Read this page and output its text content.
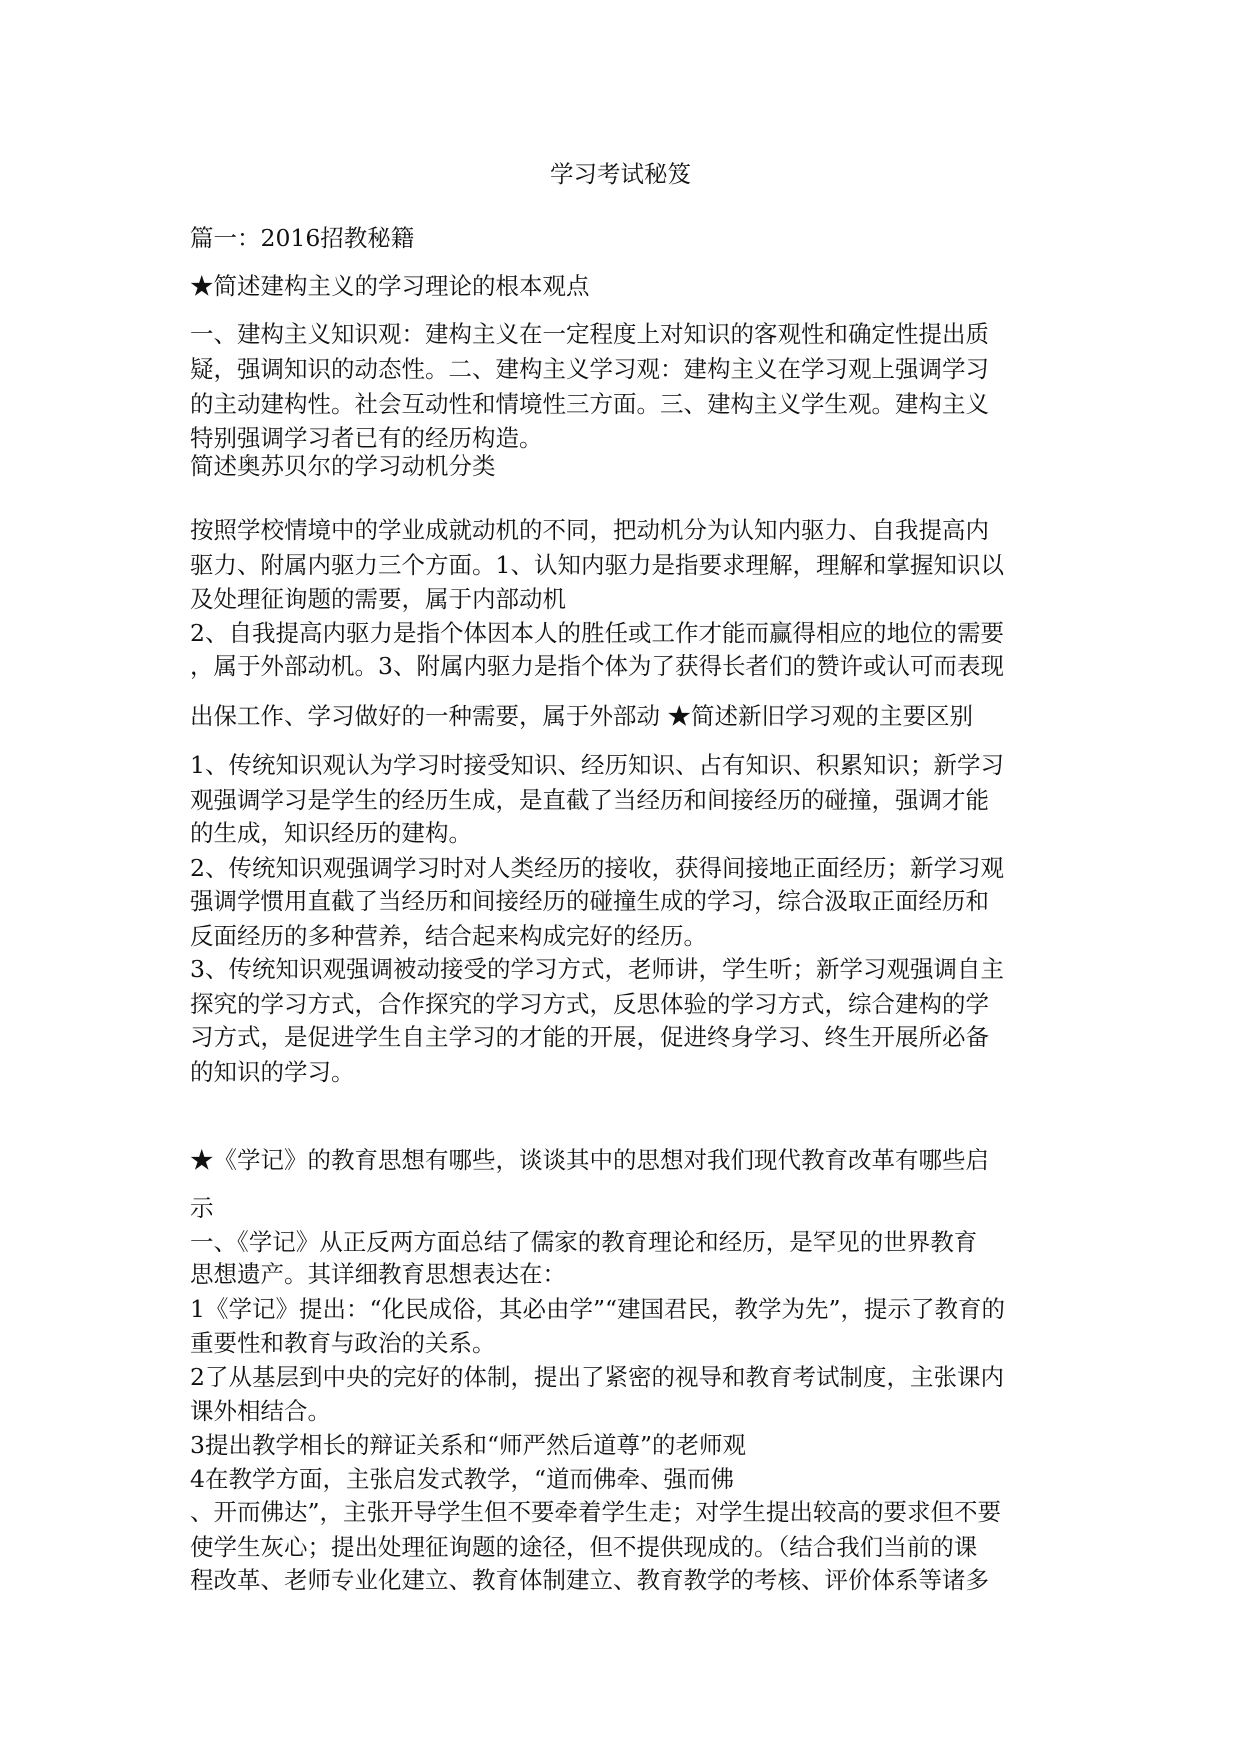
学习考试秘笈
篇一：2016招教秘籍
★简述建构主义的学习理论的根本观点
一、建构主义知识观：建构主义在一定程度上对知识的客观性和确定性提出质
疑，强调知识的动态性。二、建构主义学习观：建构主义在学习观上强调学习
的主动建构性。社会互动性和情境性三方面。三、建构主义学生观。建构主义
特别强调学习者已有的经历构造。
简述奥苏贝尔的学习动机分类
按照学校情境中的学业成就动机的不同，把动机分为认知内驱力、自我提高内
驱力、附属内驱力三个方面。1、认知内驱力是指要求理解，理解和掌握知识以
及处理征询题的需要，属于内部动机
2、自我提高内驱力是指个体因本人的胜任或工作才能而赢得相应的地位的需要
，属于外部动机。3、附属内驱力是指个体为了获得长者们的赞许或认可而表现
出保工作、学习做好的一种需要，属于外部动 ★简述新旧学习观的主要区别
1、传统知识观认为学习时接受知识、经历知识、占有知识、积累知识；新学习
观强调学习是学生的经历生成，是直截了当经历和间接经历的碰撞，强调才能
的生成，知识经历的建构。
2、传统知识观强调学习时对人类经历的接收，获得间接地正面经历；新学习观
强调学惯用直截了当经历和间接经历的碰撞生成的学习，综合汲取正面经历和
反面经历的多种营养，结合起来构成完好的经历。
3、传统知识观强调被动接受的学习方式，老师讲，学生听；新学习观强调自主
探究的学习方式，合作探究的学习方式，反思体验的学习方式，综合建构的学
习方式，是促进学生自主学习的才能的开展，促进终身学习、终生开展所必备
的知识的学习。
★《学记》的教育思想有哪些，谈谈其中的思想对我们现代教育改革有哪些启
示
一、《学记》从正反两方面总结了儒家的教育理论和经历，是罕见的世界教育
思想遗产。其详细教育思想表达在：
1《学记》提出：“化民成俗，其必由学”“建国君民，教学为先”，提示了教育的
重要性和教育与政治的关系。
2了从基层到中央的完好的体制，提出了紧密的视导和教育考试制度，主张课内
课外相结合。
3提出教学相长的辩证关系和“师严然后道尊”的老师观
4在教学方面，主张启发式教学，“道而佛牵、强而佛
、开而佛达”，主张开导学生但不要牵着学生走；对学生提出较高的要求但不要
使学生灰心；提出处理征询题的途径，但不提供现成的。（结合我们当前的课
程改革、老师专业化建立、教育体制建立、教育教学的考核、评价体系等诸多
